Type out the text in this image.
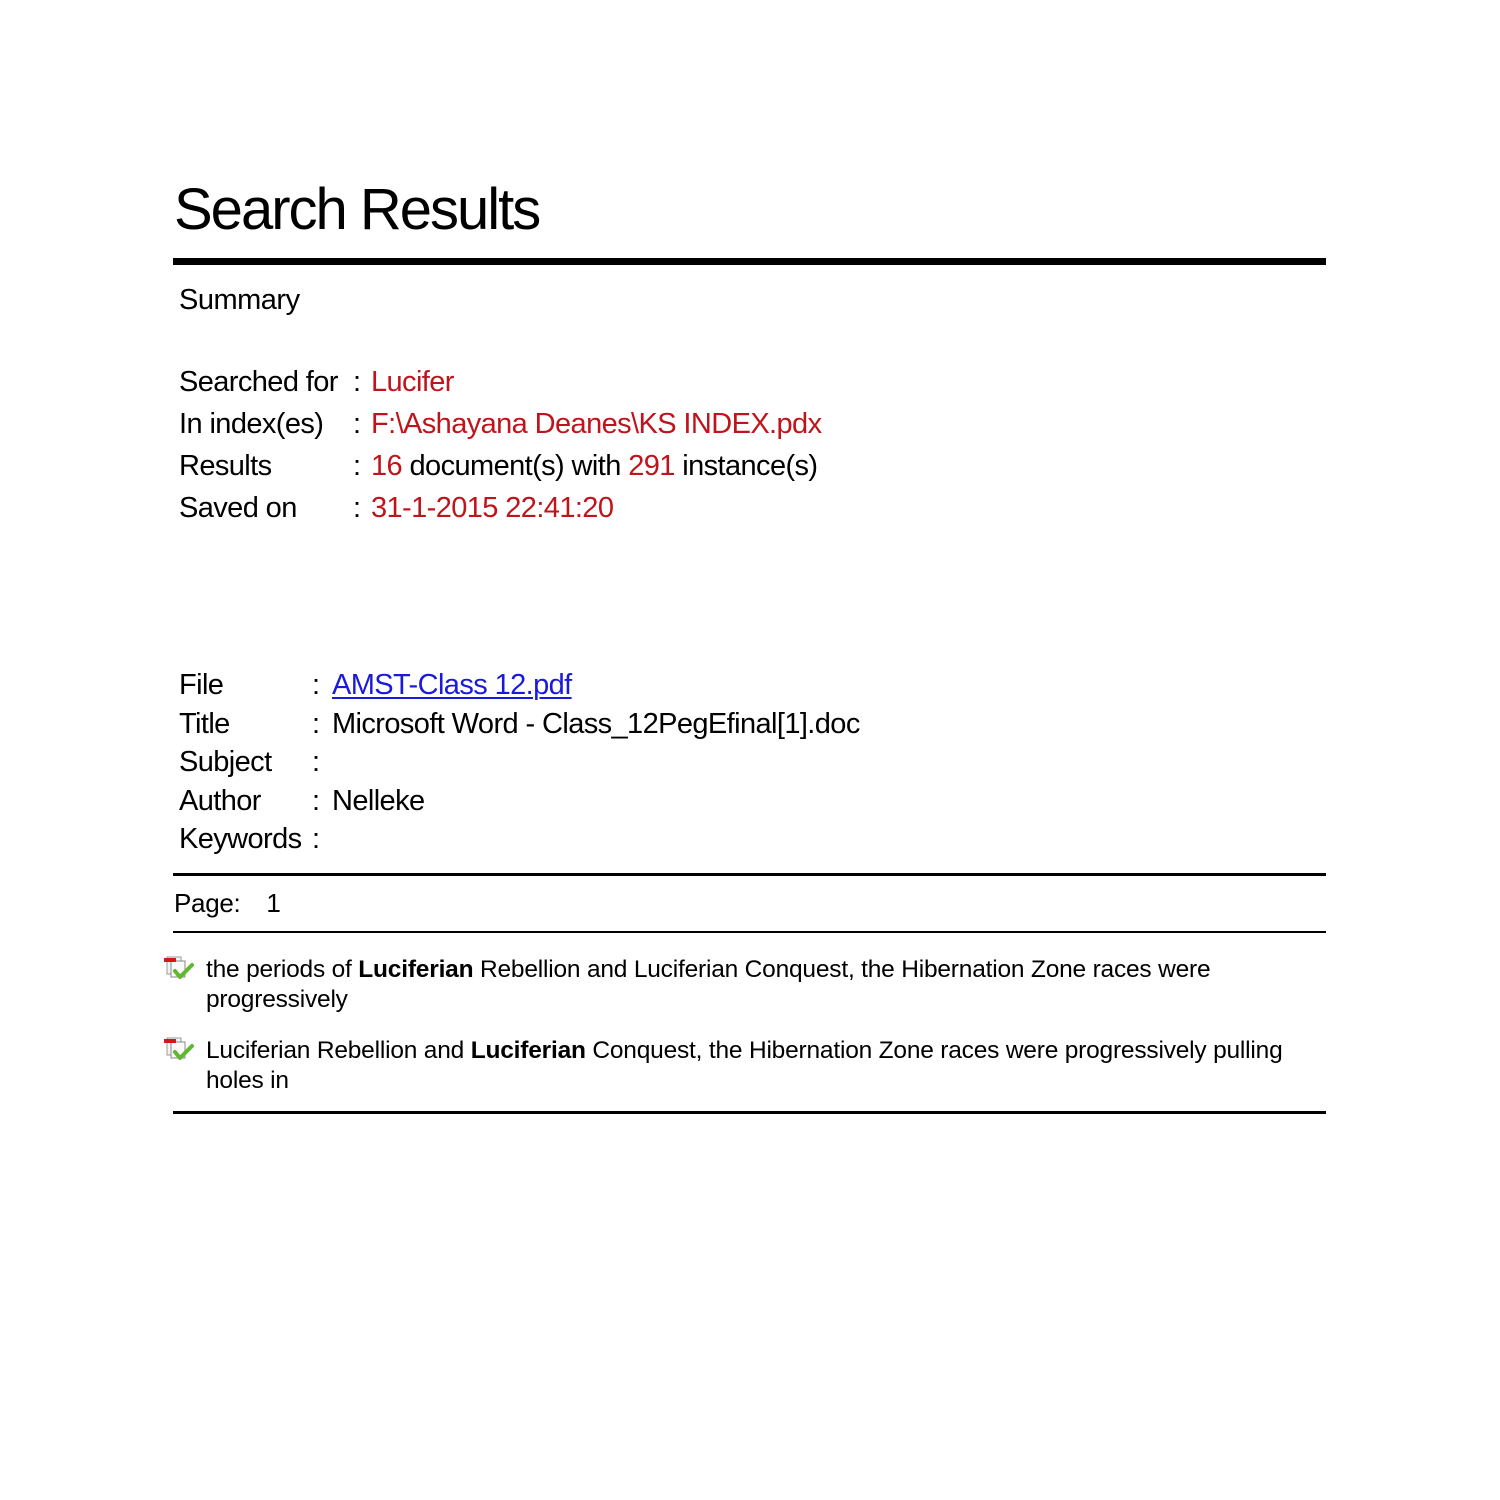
Search Results
Summary
Searched for : Lucifer
In index(es) : F:\Ashayana Deanes\KS INDEX.pdx
Results	: 16 document(s) with 291 instance(s)
Saved on : 31-1-2015 22:41:20
File	: AMST-Class 12.pdf
Title	: Microsoft Word - Class_12PegEfinal[1].doc
Subject :
Author : Nelleke
Keywords :
Page: 1
the periods of Luciferian Rebellion and Luciferian Conquest, the Hibernation Zone races were progressively
Luciferian Rebellion and Luciferian Conquest, the Hibernation Zone races were progressively pulling holes in
